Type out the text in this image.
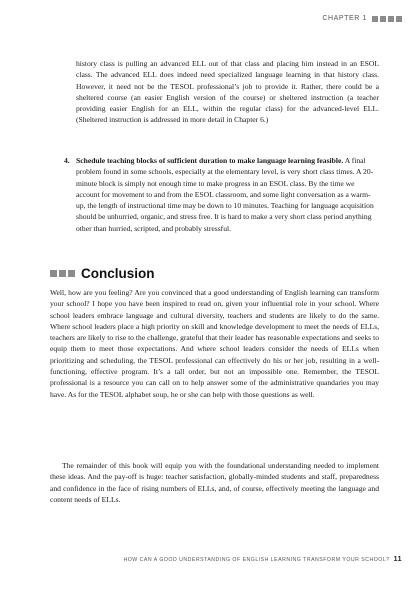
CHAPTER 1

history class is pulling an advanced ELL out of that class and placing him instead in an ESOL class. The advanced ELL does indeed need specialized language learning in that history class. However, it need not be the TESOL professional’s job to provide it. Rather, there could be a sheltered course (an easier English version of the course) or sheltered instruction (a teacher providing easier English for an ELL, within the regular class) for the advanced-level ELL. (Sheltered instruction is addressed in more detail in Chapter 6.)

4. Schedule teaching blocks of sufficient duration to make language learning feasible. A final problem found in some schools, especially at the elementary level, is very short class times. A 20-minute block is simply not enough time to make progress in an ESOL class. By the time we account for movement to and from the ESOL classroom, and some light conversation as a warm-up, the length of instructional time may be down to 10 minutes. Teaching for language acquisition should be unhurried, organic, and stress free. It is hard to make a very short class period anything other than hurried, scripted, and probably stressful.
Conclusion

Well, how are you feeling? Are you convinced that a good understanding of English learning can transform your school? I hope you have been inspired to read on, given your influential role in your school. Where school leaders embrace language and cultural diversity, teachers and students are likely to do the same. Where school leaders place a high priority on skill and knowledge development to meet the needs of ELLs, teachers are likely to rise to the challenge, grateful that their leader has reasonable expectations and seeks to equip them to meet those expectations. And where school leaders consider the needs of ELLs when prioritizing and scheduling, the TESOL professional can effectively do his or her job, resulting in a well-functioning, effective program. It’s a tall order, but not an impossible one. Remember, the TESOL professional is a resource you can call on to help answer some of the administrative quandaries you may have. As for the TESOL alphabet soup, he or she can help with those questions as well.

The remainder of this book will equip you with the foundational understanding needed to implement these ideas. And the pay-off is huge: teacher satisfaction, globally-minded students and staff, preparedness and confidence in the face of rising numbers of ELLs, and, of course, effectively meeting the language and content needs of ELLs.

HOW CAN A GOOD UNDERSTANDING OF ENGLISH LEARNING TRANSFORM YOUR SCHOOL? 11
